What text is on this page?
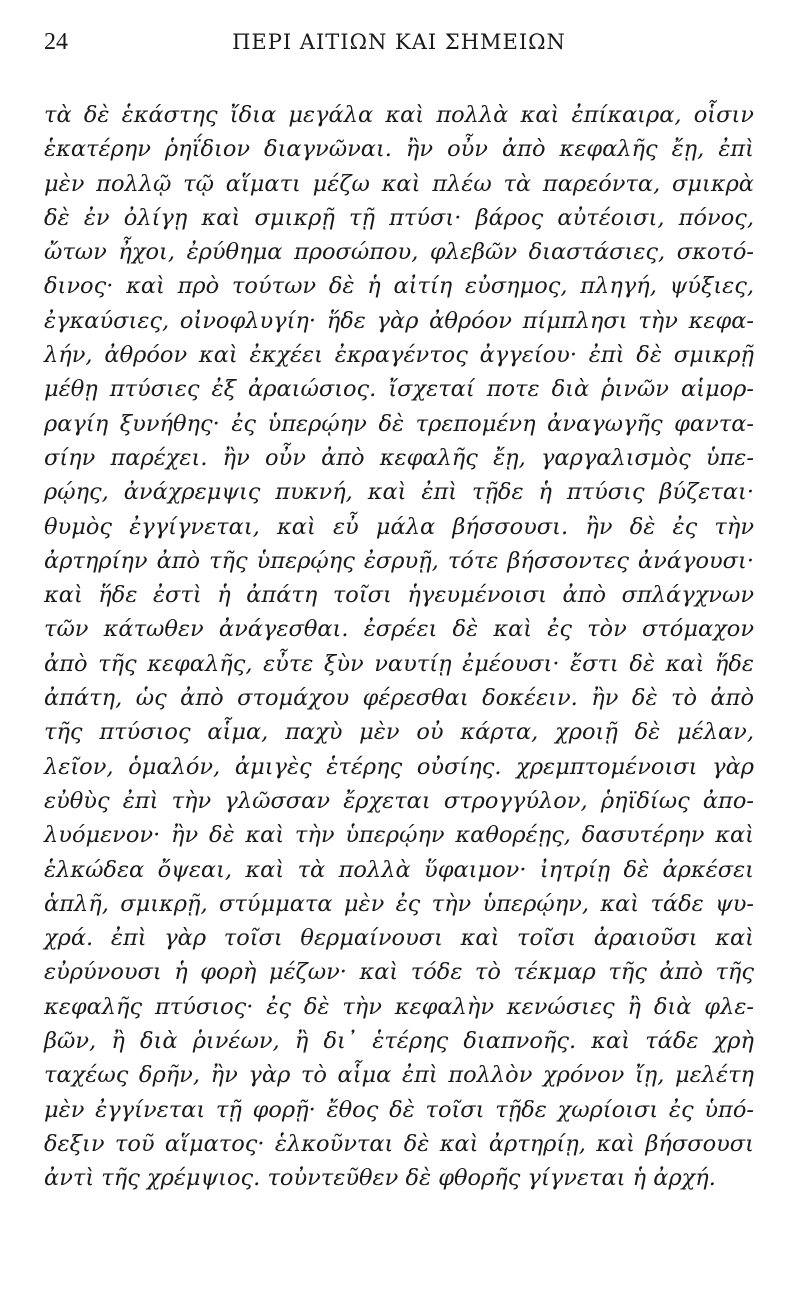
24	ΠΕΡΙ ΑΙΤΙΩΝ ΚΑΙ ΣΗΜΕΙΩΝ
τὰ δὲ ἑκάστης ἴδια μεγάλα καὶ πολλὰ καὶ ἐπίκαιρα, οἷσιν
ἑκατέρην ῥηΐδιον διαγνῶναι. ἢν οὖν ἀπὸ κεφαλῆς ἔῃ, ἐπὶ
μὲν πολλῷ τῷ αἵματι μέζω καὶ πλέω τὰ παρεόντα, σμικρὰ
δὲ ἐν ὀλίγῃ καὶ σμικρῇ τῇ πτύσι· βάρος αὐτέοισι, πόνος,
ὤτων ἦχοι, ἐρύθημα προσώπου, φλεβῶν διαστάσιες, σκοτό-
δινος· καὶ πρὸ τούτων δὲ ἡ αἰτίη εὐσημος, πληγή, ψύξιες,
ἐγκαύσιες, οἰνοφλυγίη· ἥδε γὰρ ἀθρόον πίμπλησι τὴν κεφα-
λήν, ἀθρόον καὶ ἐκχέει ἐκραγέντος ἀγγείου· ἐπὶ δὲ σμικρῇ
μέθῃ πτύσιες ἐξ ἀραιώσιος. ἴσχεταί ποτε διὰ ῥινῶν αἱμορ-
ραγίη ξυνήθης· ἐς ὑπερῴην δὲ τρεπομένη ἀναγωγῆς φαντα-
σίην παρέχει. ἢν οὖν ἀπὸ κεφαλῆς ἔῃ, γαργαλισμὸς ὑπε-
ρῴης, ἀνάχρεμψις πυκνή, καὶ ἐπὶ τῇδε ἡ πτύσις βύζεται·
θυμὸς ἐγγίγνεται, καὶ εὖ μάλα βήσσουσι. ἢν δὲ ἐς τὴν
ἀρτηρίην ἀπὸ τῆς ὑπερῴης ἐσρυῇ, τότε βήσσοντες ἀνάγουσι·
καὶ ἥδε ἐστὶ ἡ ἀπάτη τοῖσι ἡγευμένοισι ἀπὸ σπλάγχνων
τῶν κάτωθεν ἀνάγεσθαι. ἐσρέει δὲ καὶ ἐς τὸν στόμαχον
ἀπὸ τῆς κεφαλῆς, εὖτε ξὺν ναυτίῃ ἐμέουσι· ἔστι δὲ καὶ ἥδε
ἀπάτη, ὡς ἀπὸ στομάχου φέρεσθαι δοκέειν. ἢν δὲ τὸ ἀπὸ
τῆς πτύσιος αἷμα, παχὺ μὲν οὐ κάρτα, χροιῇ δὲ μέλαν,
λεῖον, ὁμαλόν, ἀμιγὲς ἑτέρης οὐσίης. χρεμπτομένοισι γὰρ
εὐθὺς ἐπὶ τὴν γλῶσσαν ἔρχεται στρογγύλον, ῥηϊδίως ἀπο-
λυόμενον· ἢν δὲ καὶ τὴν ὑπερῴην καθορέῃς, δασυτέρην καὶ
ἑλκώδεα ὄψεαι, καὶ τὰ πολλὰ ὕφαιμον· ἰητρίῃ δὲ ἀρκέσει
ἁπλῆ, σμικρῇ, στύμματα μὲν ἐς τὴν ὑπερῴην, καὶ τάδε ψυ-
χρά. ἐπὶ γὰρ τοῖσι θερμαίνουσι καὶ τοῖσι ἀραιοῦσι καὶ
εὐρύνουσι ἡ φορὴ μέζων· καὶ τόδε τὸ τέκμαρ τῆς ἀπὸ τῆς
κεφαλῆς πτύσιος· ἐς δὲ τὴν κεφαλὴν κενώσιες ἢ διὰ φλε-
βῶν, ἢ διὰ ῥινέων, ἢ δι᾽ ἑτέρης διαπνοῆς. καὶ τάδε χρὴ
ταχέως δρῆν, ἢν γὰρ τὸ αἷμα ἐπὶ πολλὸν χρόνον ἴῃ, μελέτη
μὲν ἐγγίνεται τῇ φορῇ· ἔθος δὲ τοῖσι τῇδε χωρίοισι ἐς ὑπό-
δεξιν τοῦ αἵματος· ἑλκοῦνται δὲ καὶ ἀρτηρίῃ, καὶ βήσσουσι
ἀντὶ τῆς χρέμψιος. τοὐντεῦθεν δὲ φθορῆς γίγνεται ἡ ἀρχή.
